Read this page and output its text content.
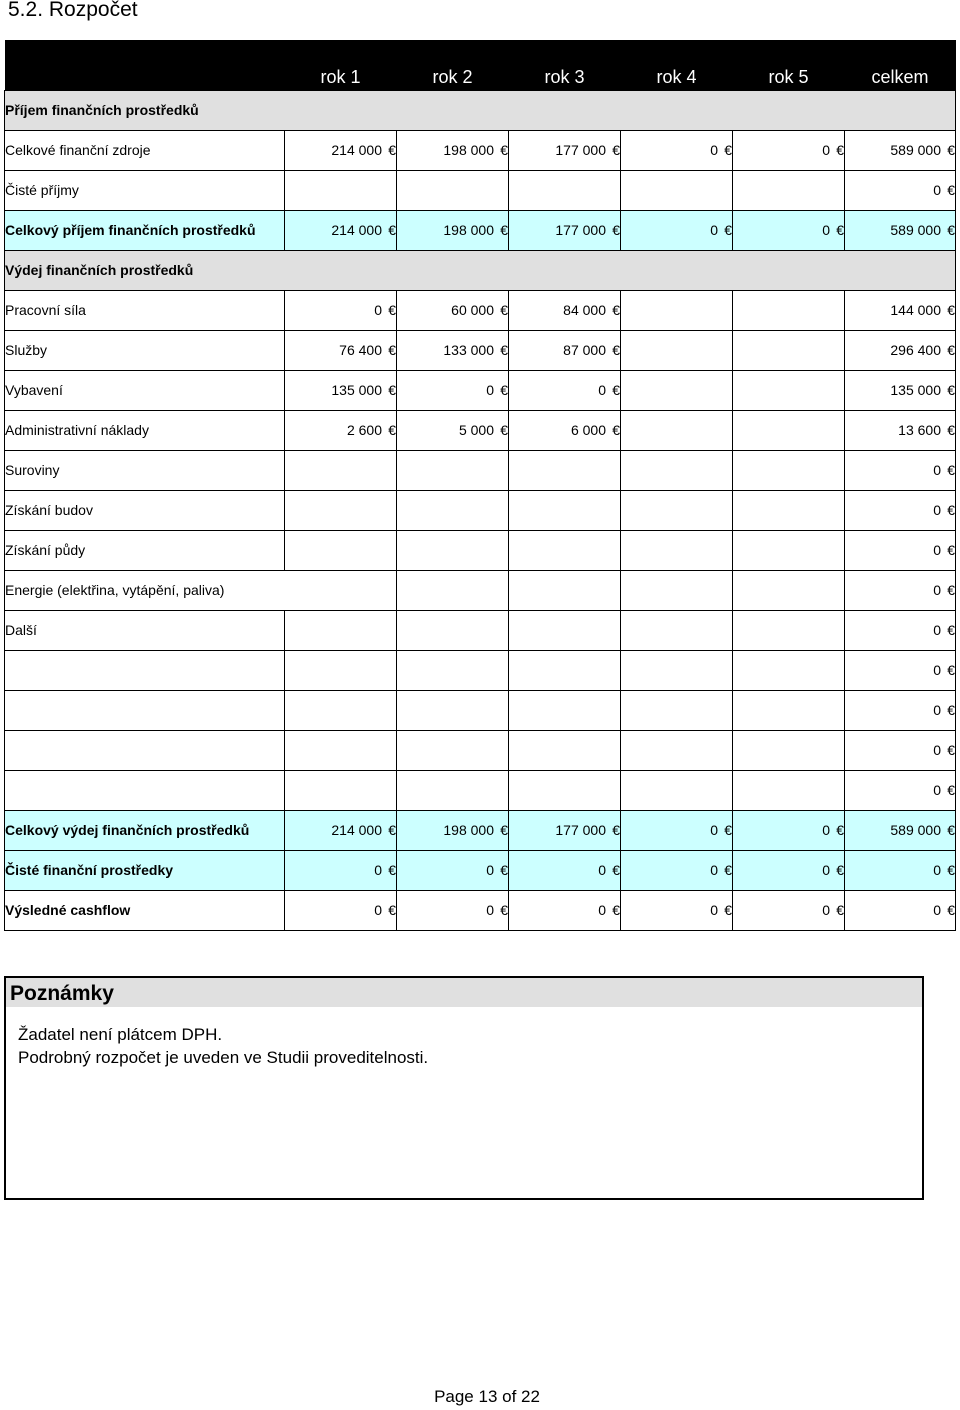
5.2. Rozpočet
	rok 1	rok 2	rok 3	rok 4	rok 5	celkem
Příjem finančních prostředků						
Celkové finanční zdroje	214 000 €	198 000 €	177 000 €	0 €	0 €	589 000 €
Čisté příjmy						0 €
Celkový příjem finančních prostředků	214 000 €	198 000 €	177 000 €	0 €	0 €	589 000 €
Výdej finančních prostředků						
Pracovní síla	0 €	60 000 €	84 000 €			144 000 €
Služby	76 400 €	133 000 €	87 000 €			296 400 €
Vybavení	135 000 €	0 €	0 €			135 000 €
Administrativní náklady	2 600 €	5 000 €	6 000 €			13 600 €
Suroviny						0 €
Získání budov						0 €
Získání půdy						0 €
Energie (elektřina, vytápění, paliva)						0 €
Další						0 €
						0 €
						0 €
						0 €
						0 €
Celkový výdej finančních prostředků	214 000 €	198 000 €	177 000 €	0 €	0 €	589 000 €
Čisté finanční prostředky	0 €	0 €	0 €	0 €	0 €	0 €
Výsledné cashflow	0 €	0 €	0 €	0 €	0 €	0 €
Poznámky
Žadatel není plátcem DPH.
Podrobný rozpočet je uveden ve Studii proveditelnosti.
Page 13 of 22
